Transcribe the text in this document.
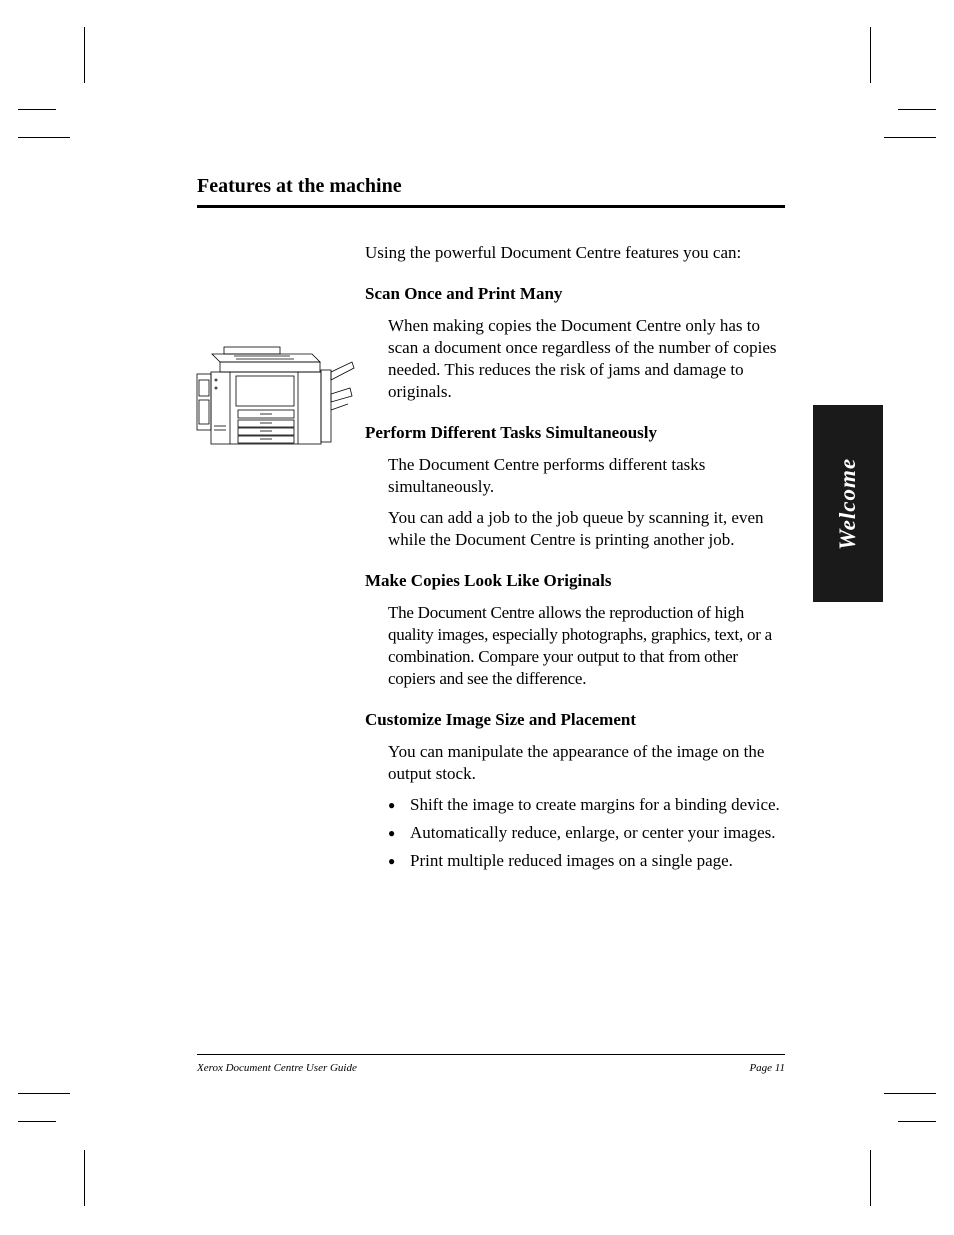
Features at the machine

Using the powerful Document Centre features you can:

Scan Once and Print Many

When making copies the Document Centre only has to scan a document once regardless of the number of copies needed. This reduces the risk of jams and damage to originals.

Perform Different Tasks Simultaneously

The Document Centre performs different tasks simultaneously.

You can add a job to the job queue by scanning it, even while the Document Centre is printing another job.

Make Copies Look Like Originals

The Document Centre allows the reproduction of high quality images, especially photographs, graphics, text, or a combination. Compare your output to that from other copiers and see the difference.

Customize Image Size and Placement

You can manipulate the appearance of the image on the output stock.

● Shift the image to create margins for a binding device.
● Automatically reduce, enlarge, or center your images.
● Print multiple reduced images on a single page.
Welcome
Xerox Document Centre User Guide	Page 11
